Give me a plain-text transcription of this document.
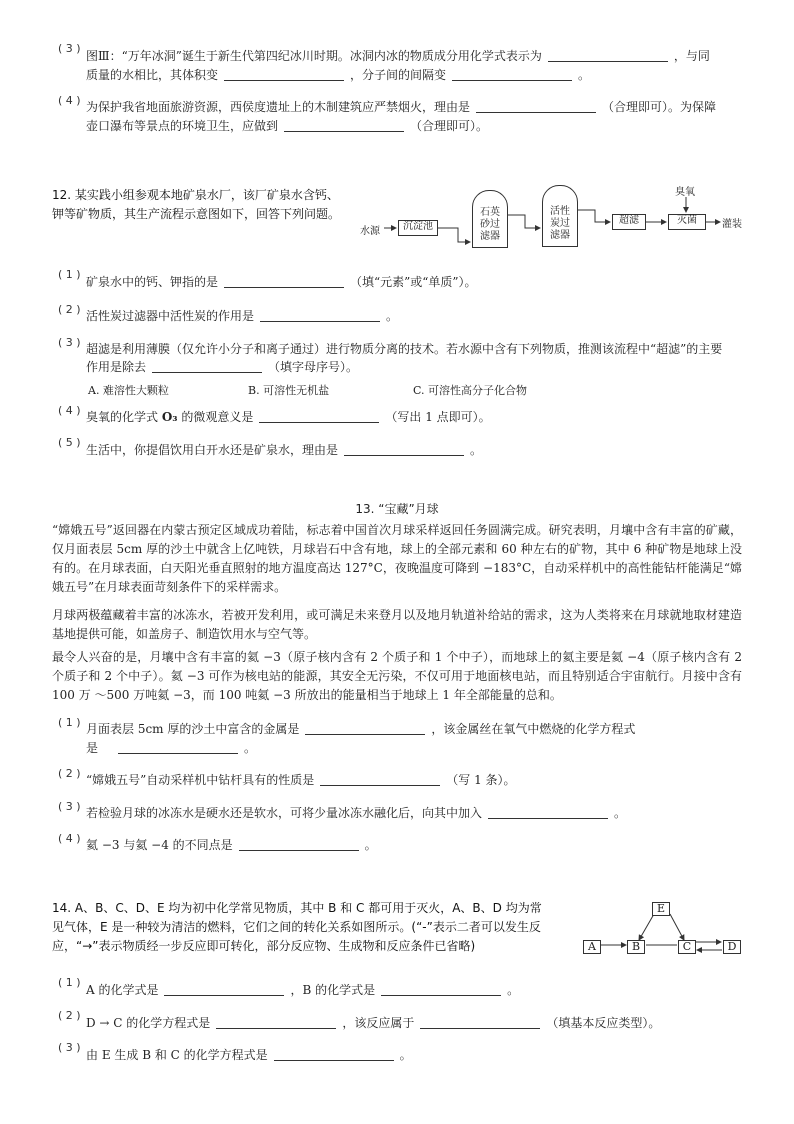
( 3 )
图Ⅲ：“万年冰洞”诞生于新生代第四纪冰川时期。冰洞内冰的物质成分用化学式表示为	，与同
质量的水相比，其体积变	，分子间的间隔变	。
( 4 ) 为保护我省地面旅游资源，西侯度遗址上的木制建筑应严禁烟火，理由是	（合理即可）。为保障
壶口瀑布等景点的环境卫生，应做到	（合理即可）。
12. 某实践小组参观本地矿泉水厂，该厂矿泉水含钙、
钾等矿物质，其生产流程示意图如下，回答下列问题。
水源	沉淀池
石英砂过滤器
活性炭过滤器
超滤
臭氧
灭菌	灌装
( 1 )
矿泉水中的钙、钾指的是	（填“元素”或“单质”）。
( 2 ) 活性炭过滤器中活性炭的作用是	。
( 3 ) 超滤是利用薄膜（仅允许小分子和离子通过）进行物质分离的技术。若水源中含有下列物质，推测该流程中“超滤”的主要
作用是除去	（填字母序号）。
A. 难溶性大颗粒	B. 可溶性无机盐	C. 可溶性高分子化合物
( 4 ) 臭氧的化学式 O₃ 的微观意义是	（写出 1 点即可）。
( 5 )
生活中，你提倡饮用白开水还是矿泉水，理由是	。
13. “宝藏”月球
“嫦娥五号”返回器在内蒙古预定区域成功着陆，标志着中国首次月球采样返回任务圆满完成。研究表明，月壤中含有丰富的矿藏，仅月面表层 5cm 厚的沙土中就含上亿吨铁，月球岩石中含有地，球上的全部元素和 60 种左右的矿物，其中 6 种矿物是地球上没有的。在月球表面，白天阳光垂直照射的地方温度高达 127°C，夜晚温度可降到 −183°C，自动采样机中的高性能钻杆能满足“嫦娥五号”在月球表面苛刻条件下的采样需求。
月球两极蕴藏着丰富的冰冻水，若被开发利用，或可满足未来登月以及地月轨道补给站的需求，这为人类将来在月球就地取材建造基地提供可能，如盖房子、制造饮用水与空气等。
最令人兴奋的是，月壤中含有丰富的氦 −3（原子核内含有 2 个质子和 1 个中子），而地球上的氦主要是氦 −4（原子核内含有 2 个质子和 2 个中子）。氦 −3 可作为核电站的能源，其安全无污染，不仅可用于地面核电站，而且特别适合宇宙航行。月接中含有 100 万 ～500 万吨氦 −3，而 100 吨氦 −3 所放出的能量相当于地球上 1 年全部能量的总和。
( 1 ) 月面表层 5cm 厚的沙土中富含的金属是	，该金属丝在氧气中燃烧的化学方程式
是	。
( 2 ) “嫦娥五号”自动采样机中钻杆具有的性质是	（写 1 条）。
( 3 ) 若检验月球的冰冻水是硬水还是软水，可将少量冰冻水融化后，向其中加入	。
( 4 ) 氦 −3 与氦 −4 的不同点是	。
14. A、B、C、D、E 均为初中化学常见物质，其中 B 和 C 都可用于灭火，A、B、D 均为常
见气体，E 是一种较为清洁的燃料，它们之间的转化关系如图所示。(“-”表示二者可以发生反
应，“→”表示物质经一步反应即可转化，部分反应物、生成物和反应条件已省略)
E
A	B	C	D
( 1 )
A 的化学式是	，B 的化学式是	。
( 2 )
D → C 的化学方程式是	，该反应属于	（填基本反应类型）。
( 3 )
由 E 生成 B 和 C 的化学方程式是	。
